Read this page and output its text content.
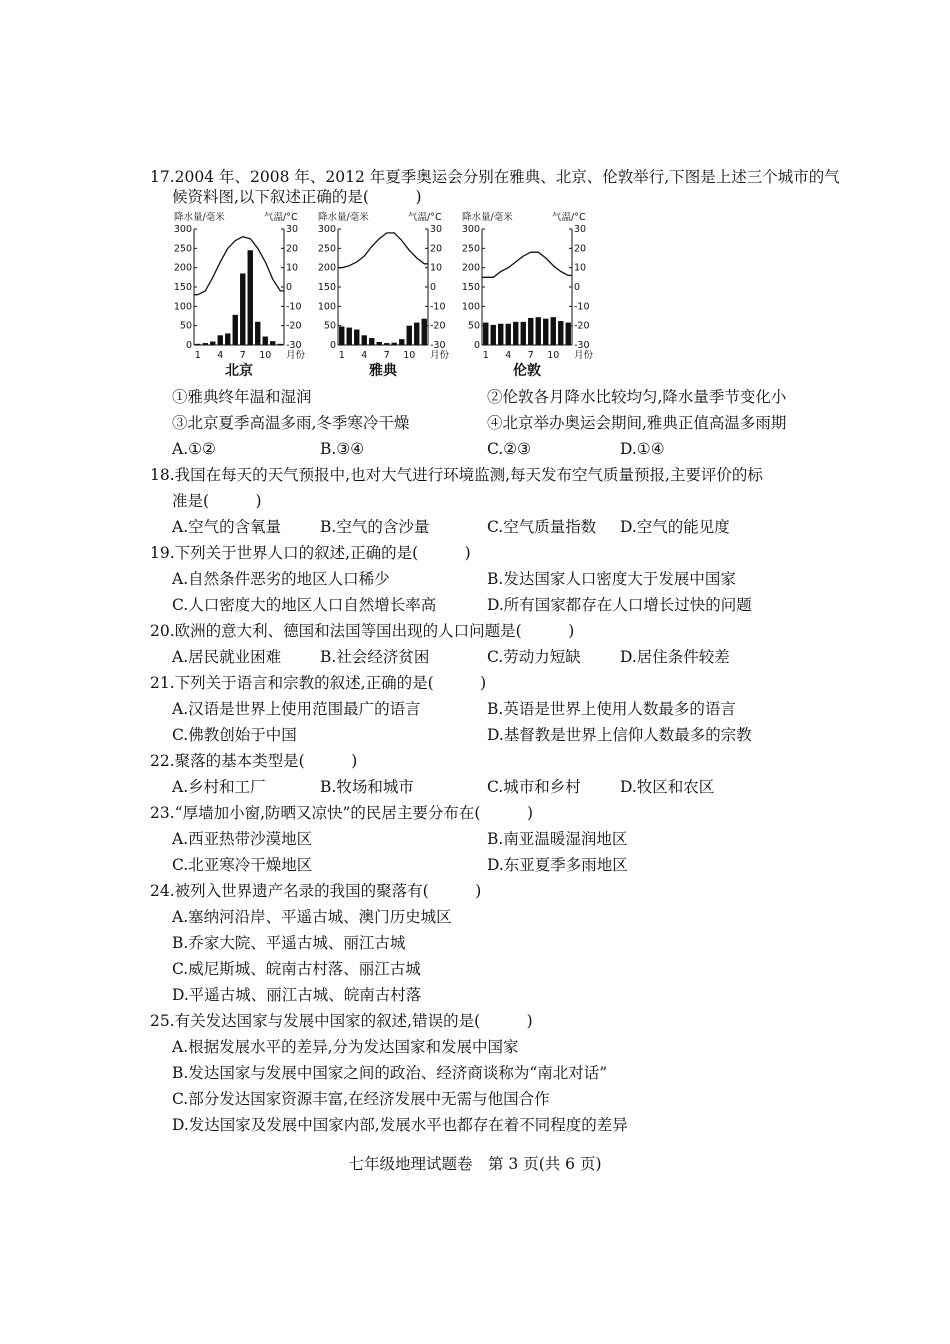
17.2004 年、2008 年、2012 年夏季奥运会分别在雅典、北京、伦敦举行,下图是上述三个城市的气
候资料图,以下叙述正确的是(　　　)
降水量/毫米	气温/°C
300
250
200
150
100
50
0
30
20
10
0
-10
-20
-30
1 4 7 10 月份
北京
降水量/毫米	气温/°C
300
250
200
150
100
50
0
30
20
10
0
-10
-20
-30
1 4 7 10 月份
雅典
降水量/毫米	气温/°C
300
250
200
150
100
50
0
30
20
10
0
-10
-20
-30
1 4 7 10 月份
伦敦
①雅典终年温和湿润	②伦敦各月降水比较均匀,降水量季节变化小
③北京夏季高温多雨,冬季寒冷干燥	④北京举办奥运会期间,雅典正值高温多雨期
A.①②	B.③④	C.②③	D.①④
18.我国在每天的天气预报中,也对大气进行环境监测,每天发布空气质量预报,主要评价的标
准是(　　　)
A.空气的含氧量	B.空气的含沙量	C.空气质量指数 D.空气的能见度
19.下列关于世界人口的叙述,正确的是(　　　)
A.自然条件恶劣的地区人口稀少	B.发达国家人口密度大于发展中国家
C.人口密度大的地区人口自然增长率高	D.所有国家都存在人口增长过快的问题
20.欧洲的意大利、德国和法国等国出现的人口问题是(　　　)
A.居民就业困难	B.社会经济贫困	C.劳动力短缺	D.居住条件较差
21.下列关于语言和宗教的叙述,正确的是(　　　)
A.汉语是世界上使用范围最广的语言	B.英语是世界上使用人数最多的语言
C.佛教创始于中国	D.基督教是世界上信仰人数最多的宗教
22.聚落的基本类型是(　　　)
A.乡村和工厂	B.牧场和城市	C.城市和乡村	D.牧区和农区
23.“厚墙加小窗,防晒又凉快”的民居主要分布在(　　　)
A.西亚热带沙漠地区	B.南亚温暖湿润地区
C.北亚寒冷干燥地区	D.东亚夏季多雨地区
24.被列入世界遗产名录的我国的聚落有(　　　)
A.塞纳河沿岸、平遥古城、澳门历史城区
B.乔家大院、平遥古城、丽江古城
C.威尼斯城、皖南古村落、丽江古城
D.平遥古城、丽江古城、皖南古村落
25.有关发达国家与发展中国家的叙述,错误的是(　　　)
A.根据发展水平的差异,分为发达国家和发展中国家
B.发达国家与发展中国家之间的政治、经济商谈称为“南北对话”
C.部分发达国家资源丰富,在经济发展中无需与他国合作
D.发达国家及发展中国家内部,发展水平也都存在着不同程度的差异
七年级地理试题卷　第 3 页(共 6 页)
